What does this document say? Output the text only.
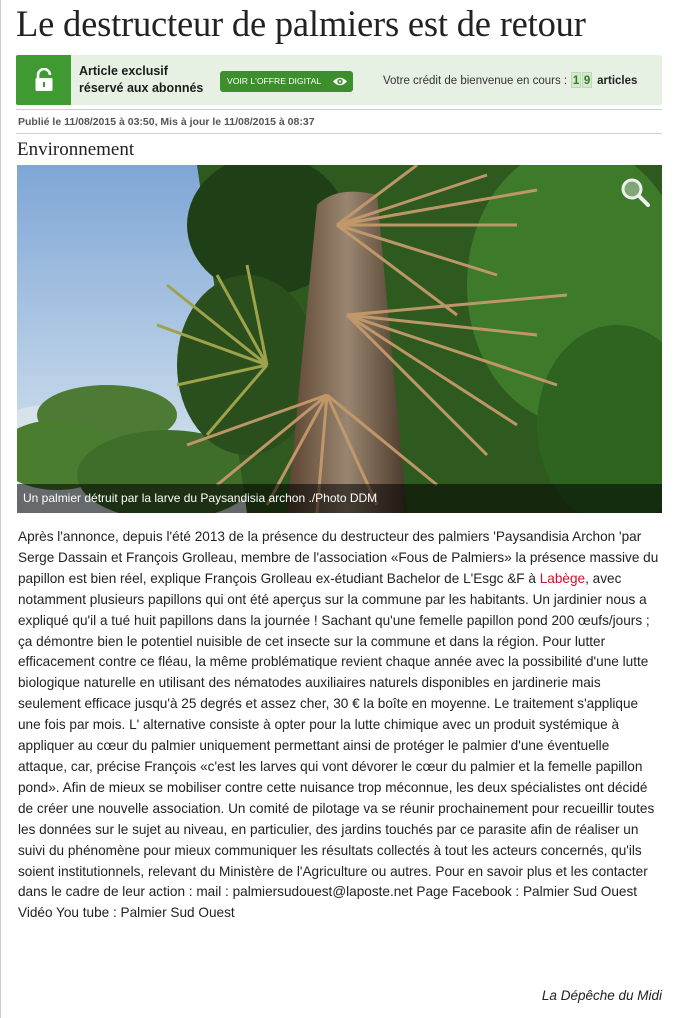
Le destructeur de palmiers est de retour
Article exclusif
réservé aux abonnés	VOIR L'OFFRE DIGITAL	Votre crédit de bienvenue en cours : 1 9 articles
Publié le 11/08/2015 à 03:50, Mis à jour le 11/08/2015 à 08:37
Environnement
Un palmier détruit par la larve du Paysandisia archon ./Photo DDM

Après l'annonce, depuis l'été 2013 de la présence du destructeur des palmiers 'Paysandisia Archon 'par Serge Dassain et François Grolleau, membre de l'association «Fous de Palmiers» la présence massive du papillon est bien réel, explique François Grolleau ex-étudiant Bachelor de L'Esgc &F à Labège, avec notamment plusieurs papillons qui ont été aperçus sur la commune par les habitants. Un jardinier nous a expliqué qu'il a tué huit papillons dans la journée ! Sachant qu'une femelle papillon pond 200 œufs/jours ; ça démontre bien le potentiel nuisible de cet insecte sur la commune et dans la région. Pour lutter efficacement contre ce fléau, la même problématique revient chaque année avec la possibilité d'une lutte biologique naturelle en utilisant des nématodes auxiliaires naturels disponibles en jardinerie mais seulement efficace jusqu'à 25 degrés et assez cher, 30 € la boîte en moyenne. Le traitement s'applique une fois par mois. L' alternative consiste à opter pour la lutte chimique avec un produit systémique à appliquer au cœur du palmier uniquement permettant ainsi de protéger le palmier d'une éventuelle attaque, car, précise François «c'est les larves qui vont dévorer le cœur du palmier et la femelle papillon pond». Afin de mieux se mobiliser contre cette nuisance trop méconnue, les deux spécialistes ont décidé de créer une nouvelle association. Un comité de pilotage va se réunir prochainement pour recueillir toutes les données sur le sujet au niveau, en particulier, des jardins touchés par ce parasite afin de réaliser un suivi du phénomène pour mieux communiquer les résultats collectés à tout les acteurs concernés, qu'ils soient institutionnels, relevant du Ministère de l'Agriculture ou autres. Pour en savoir plus et les contacter dans le cadre de leur action : mail : palmiersudouest@laposte.net Page Facebook : Palmier Sud Ouest Vidéo You tube : Palmier Sud Ouest

La Dépêche du Midi
